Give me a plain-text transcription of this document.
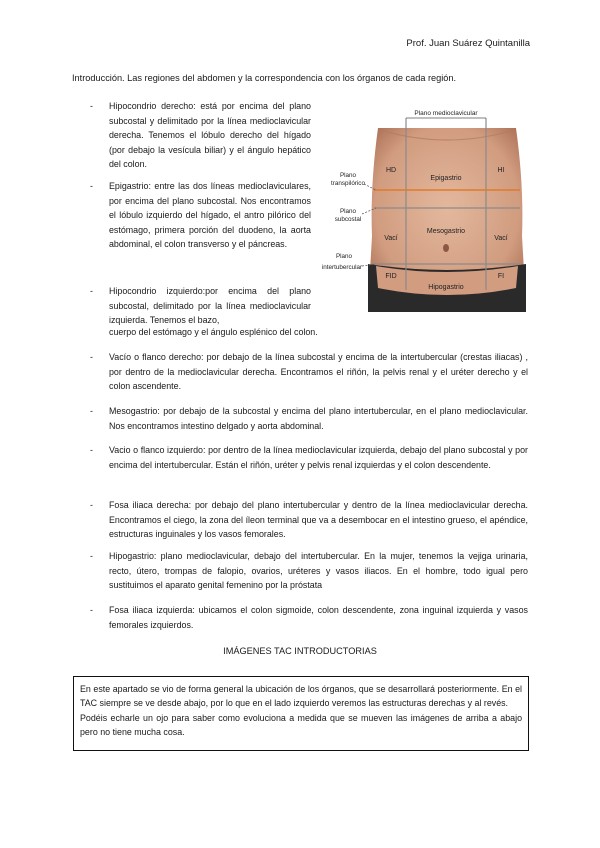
Prof. Juan Suárez Quintanilla
Introducción. Las regiones del abdomen y la correspondencia con los órganos de cada región.
- Hipocondrio derecho: está por encima del plano subcostal y delimitado por la línea medioclavicular derecha. Tenemos el lóbulo derecho del hígado (por debajo la vesícula biliar) y el ángulo hepático del colon.
- Epigastrio: entre las dos líneas medioclaviculares, por encima del plano subcostal. Nos encontramos el lóbulo izquierdo del hígado, el antro pilórico del estómago, primera porción del duodeno, la aorta abdominal, el colon transverso y el páncreas.
- Hipocondrio izquierdo:por encima del plano subcostal, delimitado por la línea medioclavicular izquierda. Tenemos el bazo,
cuerpo del estómago y el ángulo esplénico del colon.
- Vacío o flanco derecho: por debajo de la línea subcostal y encima de la intertubercular (crestas iliacas) , por dentro de la medioclavicular derecha. Encontramos el riñón, la pelvis renal y el uréter derecho y el colon ascendente.
- Mesogastrio: por debajo de la subcostal y encima del plano intertubercular, en el plano medioclavicular. Nos encontramos intestino delgado y aorta abdominal.
- Vacio o flanco izquierdo: por dentro de la línea medioclavicular izquierda, debajo del plano subcostal y por encima del intertubercular. Están el riñón, uréter y pelvis renal izquierdas y el colon descendente.
- Fosa iliaca derecha: por debajo del plano intertubercular y dentro de la línea medioclavicular derecha. Encontramos el ciego, la zona del íleon terminal que va a desembocar en el intestino grueso, el apéndice, estructuras inguinales y los vasos femorales.
- Hipogastrio: plano medioclavicular, debajo del intertubercular. En la mujer, tenemos la vejiga urinaria, recto, útero, trompas de falopio, ovarios, uréteres y vasos iliacos. En el hombre, todo igual pero sustituimos el aparato genital femenino por la próstata
- Fosa iliaca izquierda: ubicamos el colon sigmoide, colon descendente, zona inguinal izquierda y vasos femorales izquierdos.
Plano medioclavicular
Plano
transpilórico
Plano
subcostal
Plano
intertubercular
HD
Epigastrio
HI
Vací
Mesogastrio
Vací
FID
Hipogastrio
FI
IMÁGENES TAC INTRODUCTORIAS

En este apartado se vio de forma general la ubicación de los órganos, que se desarrollará posteriormente. En el TAC siempre se ve desde abajo, por lo que en el lado izquierdo veremos las estructuras derechas y al revés.

Podéis echarle un ojo para saber como evoluciona a medida que se mueven las imágenes de arriba a abajo pero no tiene mucha cosa.
